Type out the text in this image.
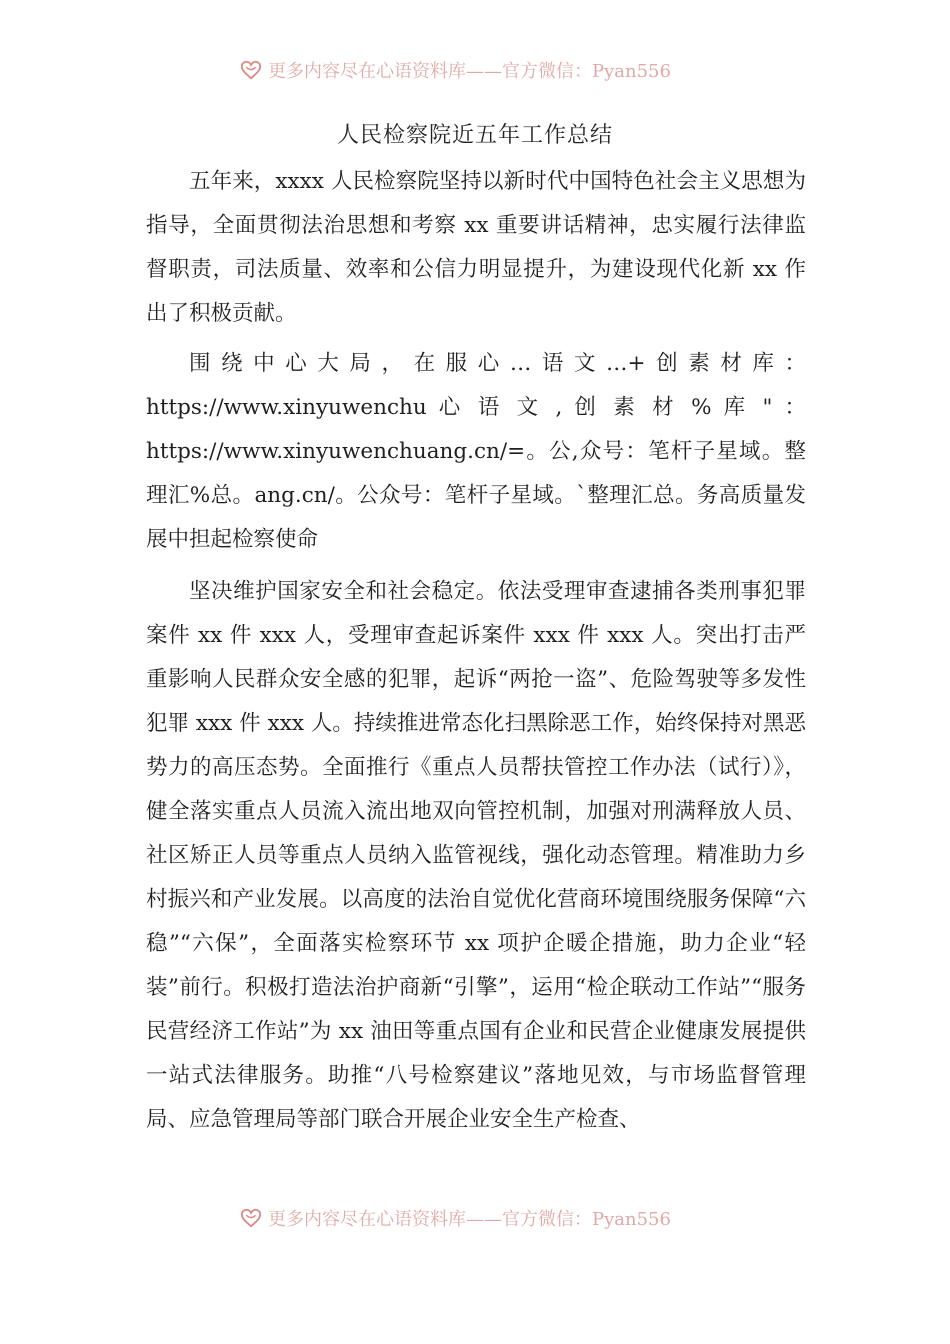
更多内容尽在心语资料库——官方微信：Pyan556
人民检察院近五年工作总结

五年来，xxxx 人民检察院坚持以新时代中国特色社会主义思想为指导，全面贯彻法治思想和考察 xx 重要讲话精神，忠实履行法律监督职责，司法质量、效率和公信力明显提升，为建设现代化新 xx 作出了积极贡献。

围绕中心大局，在服心…语文…+创素材库：https://www.xinyuwenchu 心 语 文 , 创 素 材 % 库 " ： https://www.xinyuwenchuang.cn/=。公,众号：笔杆子星域。整理汇%总。ang.cn/。公众号：笔杆子星域。`整理汇总。务高质量发展中担起检察使命

坚决维护国家安全和社会稳定。依法受理审查逮捕各类刑事犯罪案件 xx 件 xxx 人，受理审查起诉案件 xxx 件 xxx 人。突出打击严重影响人民群众安全感的犯罪，起诉“两抢一盗”、危险驾驶等多发性犯罪 xxx 件 xxx 人。持续推进常态化扫黑除恶工作，始终保持对黑恶势力的高压态势。全面推行《重点人员帮扶管控工作办法（试行）》，健全落实重点人员流入流出地双向管控机制，加强对刑满释放人员、社区矫正人员等重点人员纳入监管视线，强化动态管理。精准助力乡村振兴和产业发展。以高度的法治自觉优化营商环境围绕服务保障“六稳”“六保”，全面落实检察环节 xx 项护企暖企措施，助力企业“轻装”前行。积极打造法治护商新“引擎”，运用“检企联动工作站”“服务民营经济工作站”为 xx 油田等重点国有企业和民营企业健康发展提供一站式法律服务。助推“八号检察建议”落地见效，与市场监督管理局、应急管理局等部门联合开展企业安全生产检查、

更多内容尽在心语资料库——官方微信：Pyan556
